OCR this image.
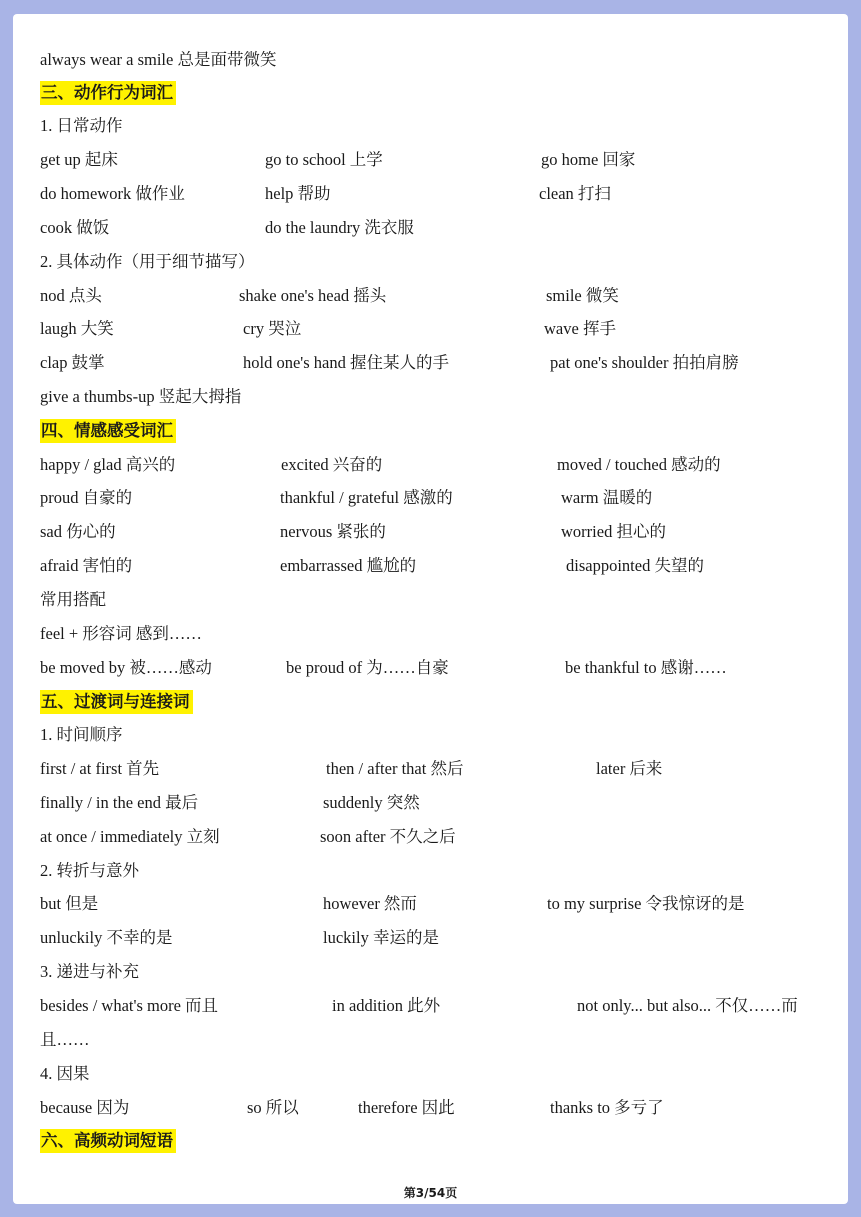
always wear a smile 总是面带微笑
三、动作行为词汇
1. 日常动作
get up 起床	go to school 上学	go home 回家
do homework 做作业	help 帮助	clean 打扫
cook 做饭	do the laundry 洗衣服
2. 具体动作（用于细节描写）
nod 点头	shake one's head 摇头	smile 微笑
laugh 大笑	cry 哭泣	wave 挥手
clap 鼓掌	hold one's hand 握住某人的手	pat one's shoulder 拍拍肩膀
give a thumbs-up 竖起大拇指
四、情感感受词汇
happy / glad 高兴的	excited 兴奋的	moved / touched 感动的
proud 自豪的	thankful / grateful 感激的	warm 温暖的
sad 伤心的	nervous 紧张的	worried 担心的
afraid 害怕的	embarrassed 尴尬的	disappointed 失望的
常用搭配
feel + 形容词 感到……
be moved by 被……感动	be proud of 为……自豪	be thankful to 感谢……
五、过渡词与连接词
1. 时间顺序
first / at first 首先	then / after that 然后	later 后来
finally / in the end 最后	suddenly 突然
at once / immediately 立刻	soon after 不久之后
2. 转折与意外
but 但是	however 然而	to my surprise 令我惊讶的是
unluckily 不幸的是	luckily 幸运的是
3. 递进与补充
besides / what's more 而且	in addition 此外	not only... but also... 不仅……而
且……
4. 因果
because 因为	so 所以	therefore 因此	thanks to 多亏了
六、高频动词短语
第3/54页
